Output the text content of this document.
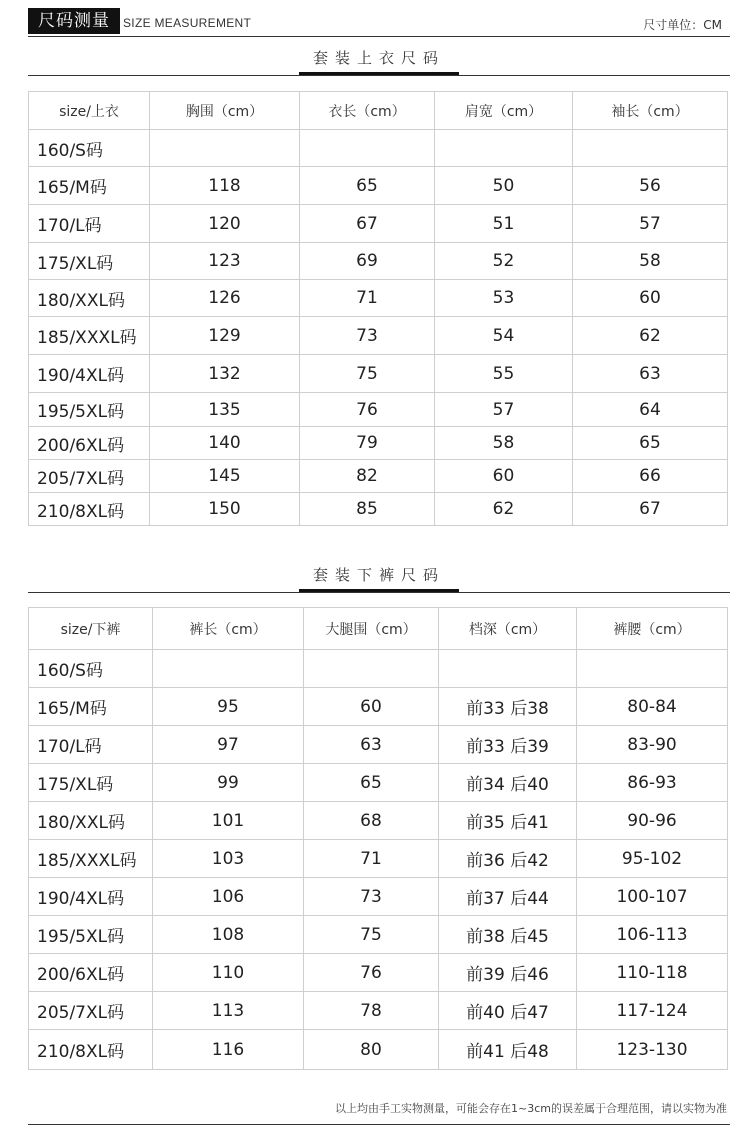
尺码测量	SIZE MEASUREMENT	尺寸单位：CM
套装上衣尺码
size/上衣	胸围（cm）	衣长（cm）	肩宽（cm）	袖长（cm）
160/S码				
165/M码	118	65	50	56
170/L码	120	67	51	57
175/XL码	123	69	52	58
180/XXL码	126	71	53	60
185/XXXL码	129	73	54	62
190/4XL码	132	75	55	63
195/5XL码	135	76	57	64
200/6XL码	140	79	58	65
205/7XL码	145	82	60	66
210/8XL码	150	85	62	67
套装下裤尺码
size/下裤	裤长（cm）	大腿围（cm）	档深（cm）	裤腰（cm）
160/S码				
165/M码	95	60	前33 后38	80-84
170/L码	97	63	前33 后39	83-90
175/XL码	99	65	前34 后40	86-93
180/XXL码	101	68	前35 后41	90-96
185/XXXL码	103	71	前36 后42	95-102
190/4XL码	106	73	前37 后44	100-107
195/5XL码	108	75	前38 后45	106-113
200/6XL码	110	76	前39 后46	110-118
205/7XL码	113	78	前40 后47	117-124
210/8XL码	116	80	前41 后48	123-130
以上均由手工实物测量，可能会存在1~3cm的误差属于合理范围，请以实物为准
